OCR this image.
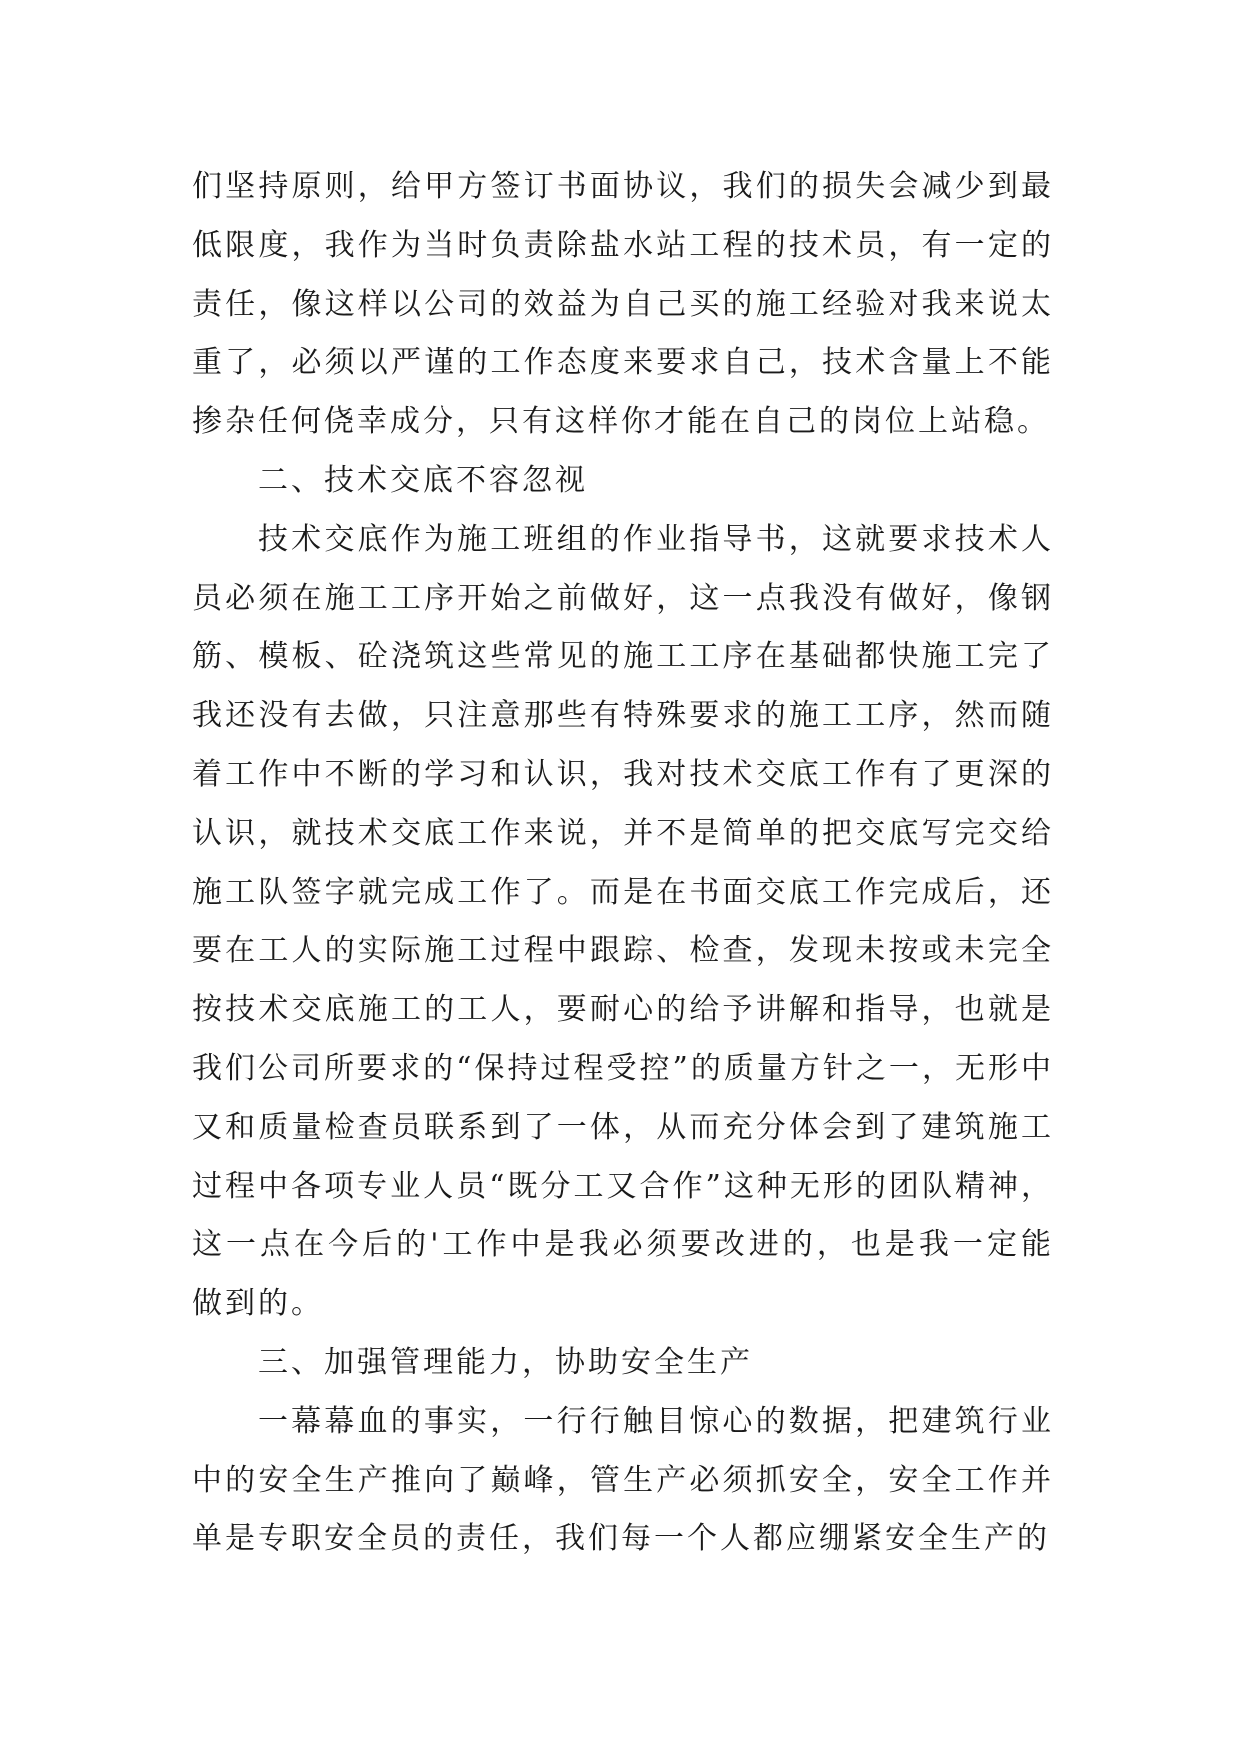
们坚持原则，给甲方签订书面协议，我们的损失会减少到最低限度，我作为当时负责除盐水站工程的技术员，有一定的责任，像这样以公司的效益为自己买的施工经验对我来说太重了，必须以严谨的工作态度来要求自己，技术含量上不能掺杂任何侥幸成分，只有这样你才能在自己的岗位上站稳。

二、技术交底不容忽视

技术交底作为施工班组的作业指导书，这就要求技术人员必须在施工工序开始之前做好，这一点我没有做好，像钢筋、模板、砼浇筑这些常见的施工工序在基础都快施工完了我还没有去做，只注意那些有特殊要求的施工工序，然而随着工作中不断的学习和认识，我对技术交底工作有了更深的认识，就技术交底工作来说，并不是简单的把交底写完交给施工队签字就完成工作了。而是在书面交底工作完成后，还要在工人的实际施工过程中跟踪、检查，发现未按或未完全按技术交底施工的工人，要耐心的给予讲解和指导，也就是我们公司所要求的“保持过程受控”的质量方针之一，无形中又和质量检查员联系到了一体，从而充分体会到了建筑施工过程中各项专业人员“既分工又合作”这种无形的团队精神，这一点在今后的'工作中是我必须要改进的，也是我一定能做到的。

三、加强管理能力，协助安全生产

一幕幕血的事实，一行行触目惊心的数据，把建筑行业中的安全生产推向了巅峰，管生产必须抓安全，安全工作并单是专职安全员的责任，我们每一个人都应绷紧安全生产的
